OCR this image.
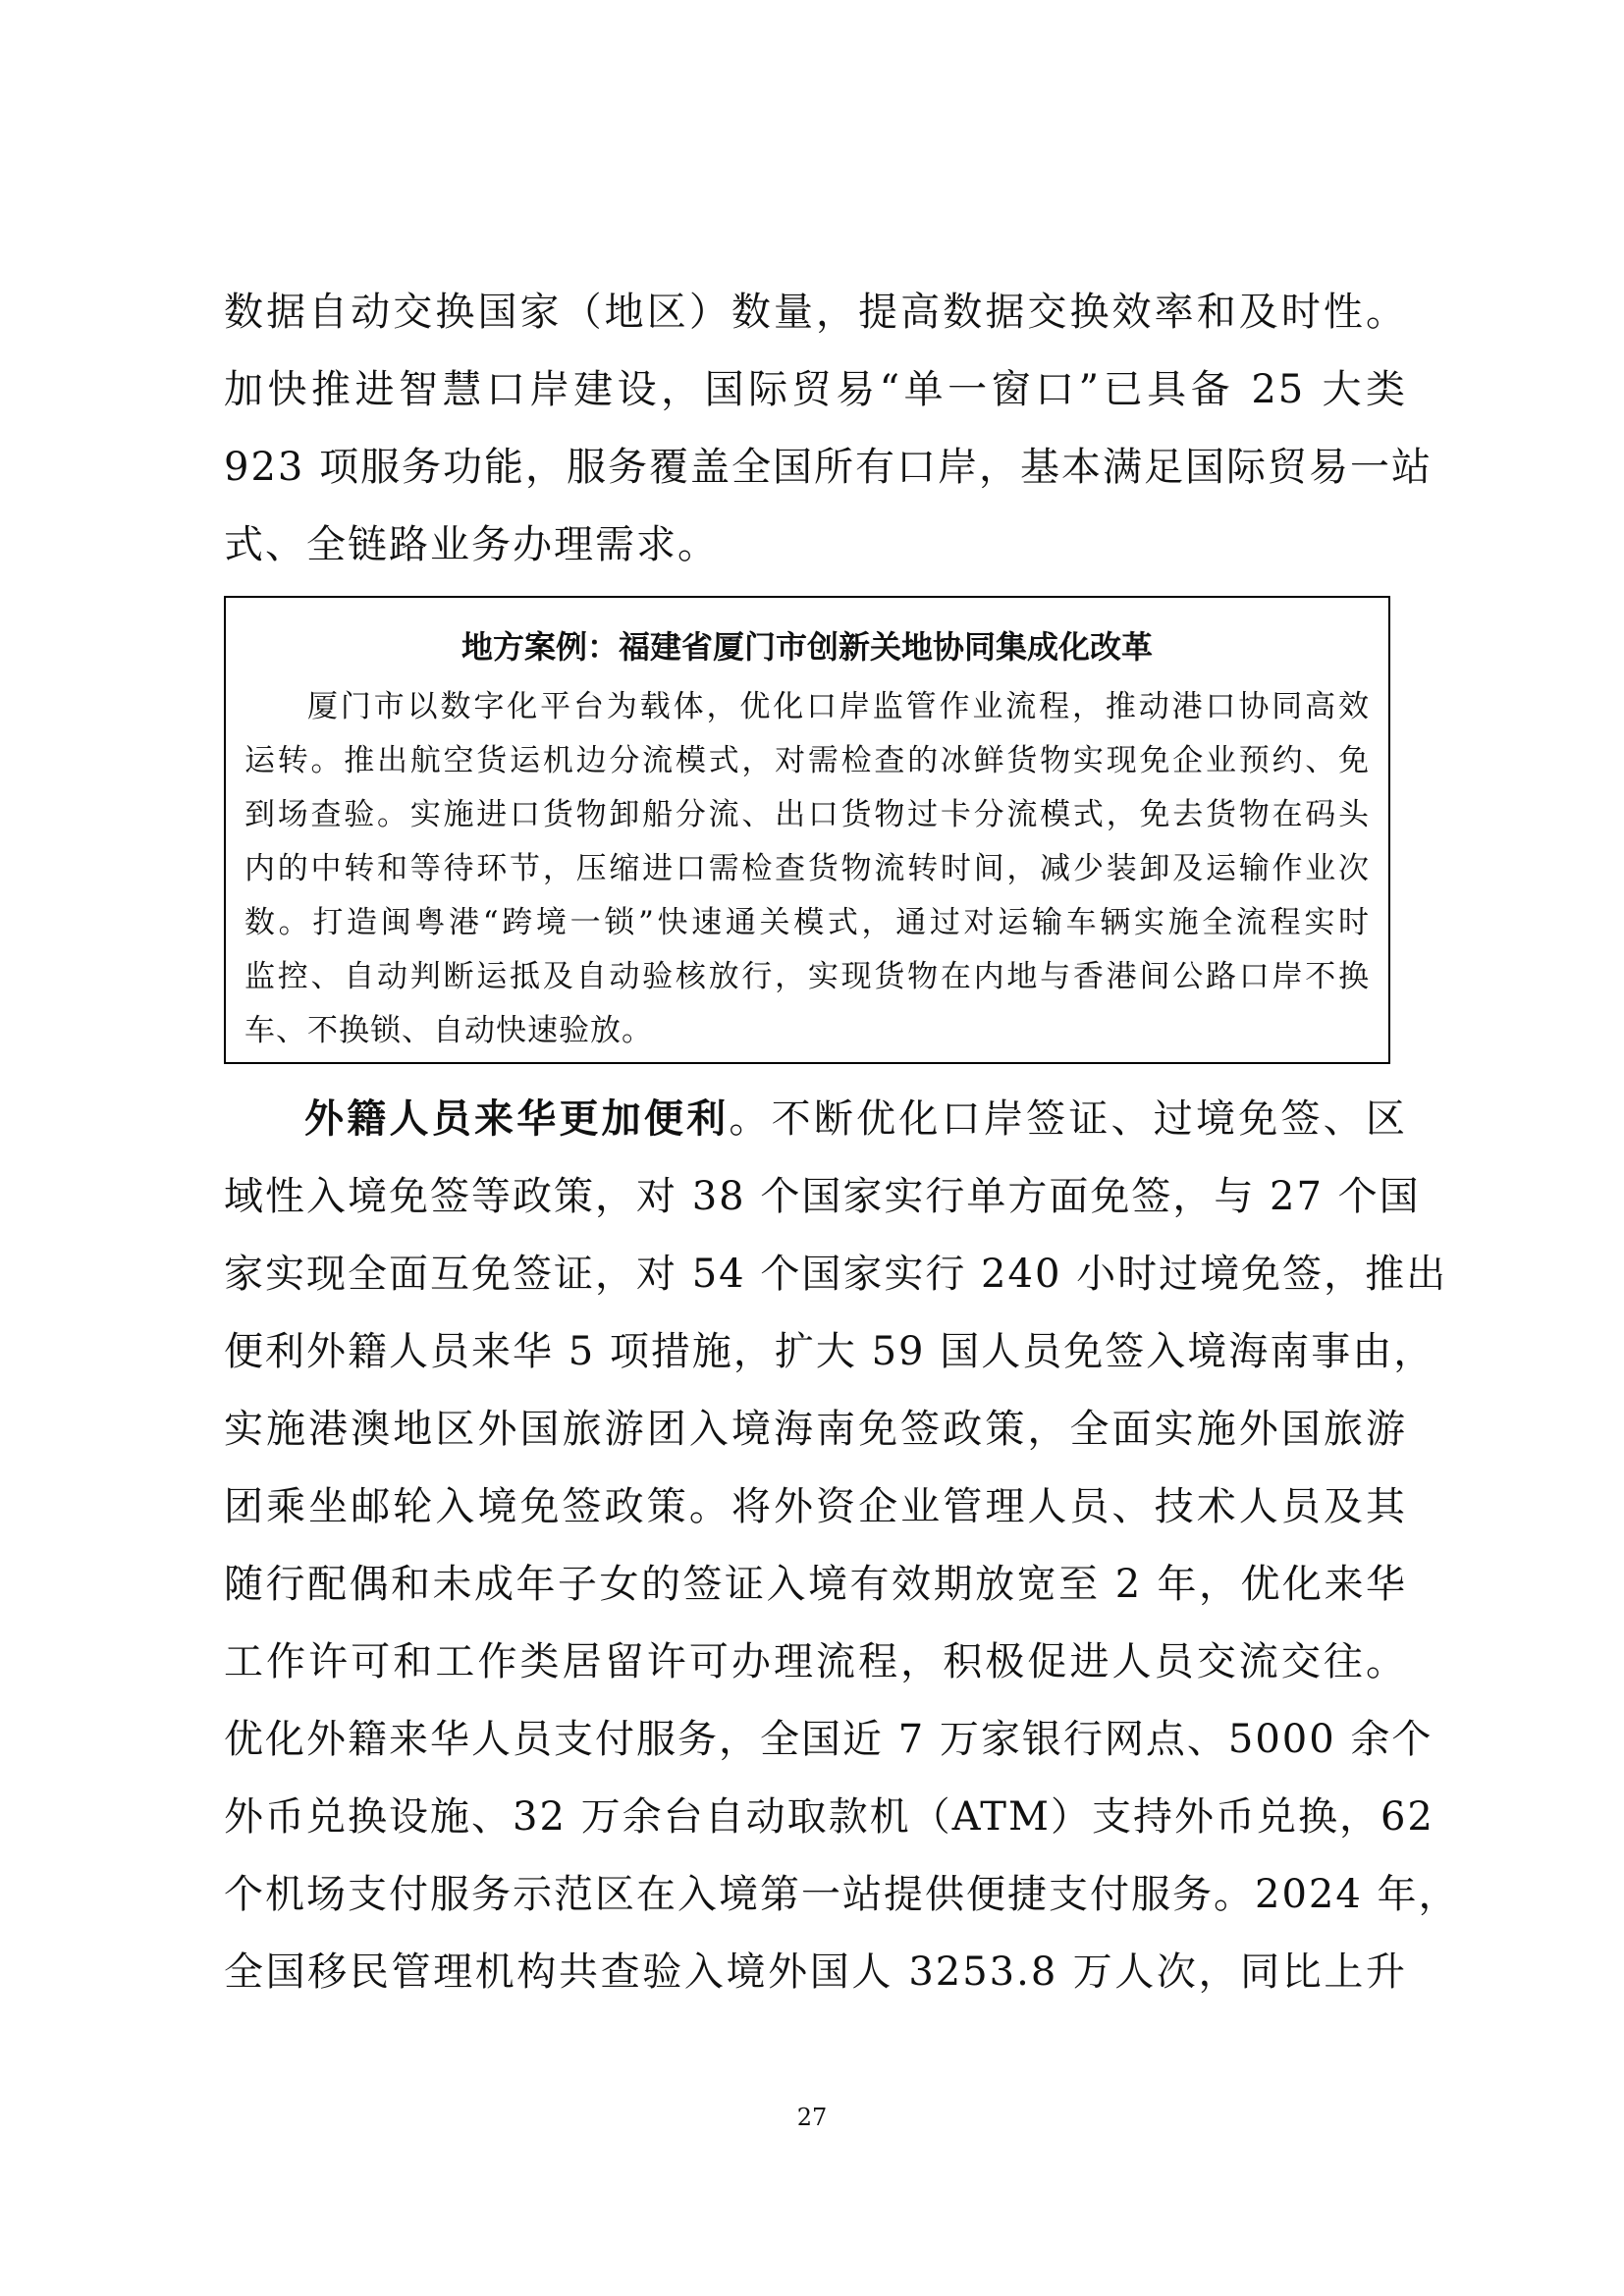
数据自动交换国家（地区）数量，提高数据交换效率和及时性。
加快推进智慧口岸建设，国际贸易“单一窗口”已具备 25 大类
923 项服务功能，服务覆盖全国所有口岸，基本满足国际贸易一站
式、全链路业务办理需求。
地方案例：福建省厦门市创新关地协同集成化改革
厦门市以数字化平台为载体，优化口岸监管作业流程，推动港口协同高效
运转。推出航空货运机边分流模式，对需检查的冰鲜货物实现免企业预约、免
到场查验。实施进口货物卸船分流、出口货物过卡分流模式，免去货物在码头
内的中转和等待环节，压缩进口需检查货物流转时间，减少装卸及运输作业次
数。打造闽粤港“跨境一锁”快速通关模式，通过对运输车辆实施全流程实时
监控、自动判断运抵及自动验核放行，实现货物在内地与香港间公路口岸不换
车、不换锁、自动快速验放。
外籍人员来华更加便利。不断优化口岸签证、过境免签、区
域性入境免签等政策，对 38 个国家实行单方面免签，与 27 个国
家实现全面互免签证，对 54 个国家实行 240 小时过境免签，推出
便利外籍人员来华 5 项措施，扩大 59 国人员免签入境海南事由，
实施港澳地区外国旅游团入境海南免签政策，全面实施外国旅游
团乘坐邮轮入境免签政策。将外资企业管理人员、技术人员及其
随行配偶和未成年子女的签证入境有效期放宽至 2 年，优化来华
工作许可和工作类居留许可办理流程，积极促进人员交流交往。
优化外籍来华人员支付服务，全国近 7 万家银行网点、5000 余个
外币兑换设施、32 万余台自动取款机（ATM）支持外币兑换，62
个机场支付服务示范区在入境第一站提供便捷支付服务。2024 年，
全国移民管理机构共查验入境外国人 3253.8 万人次，同比上升
27
